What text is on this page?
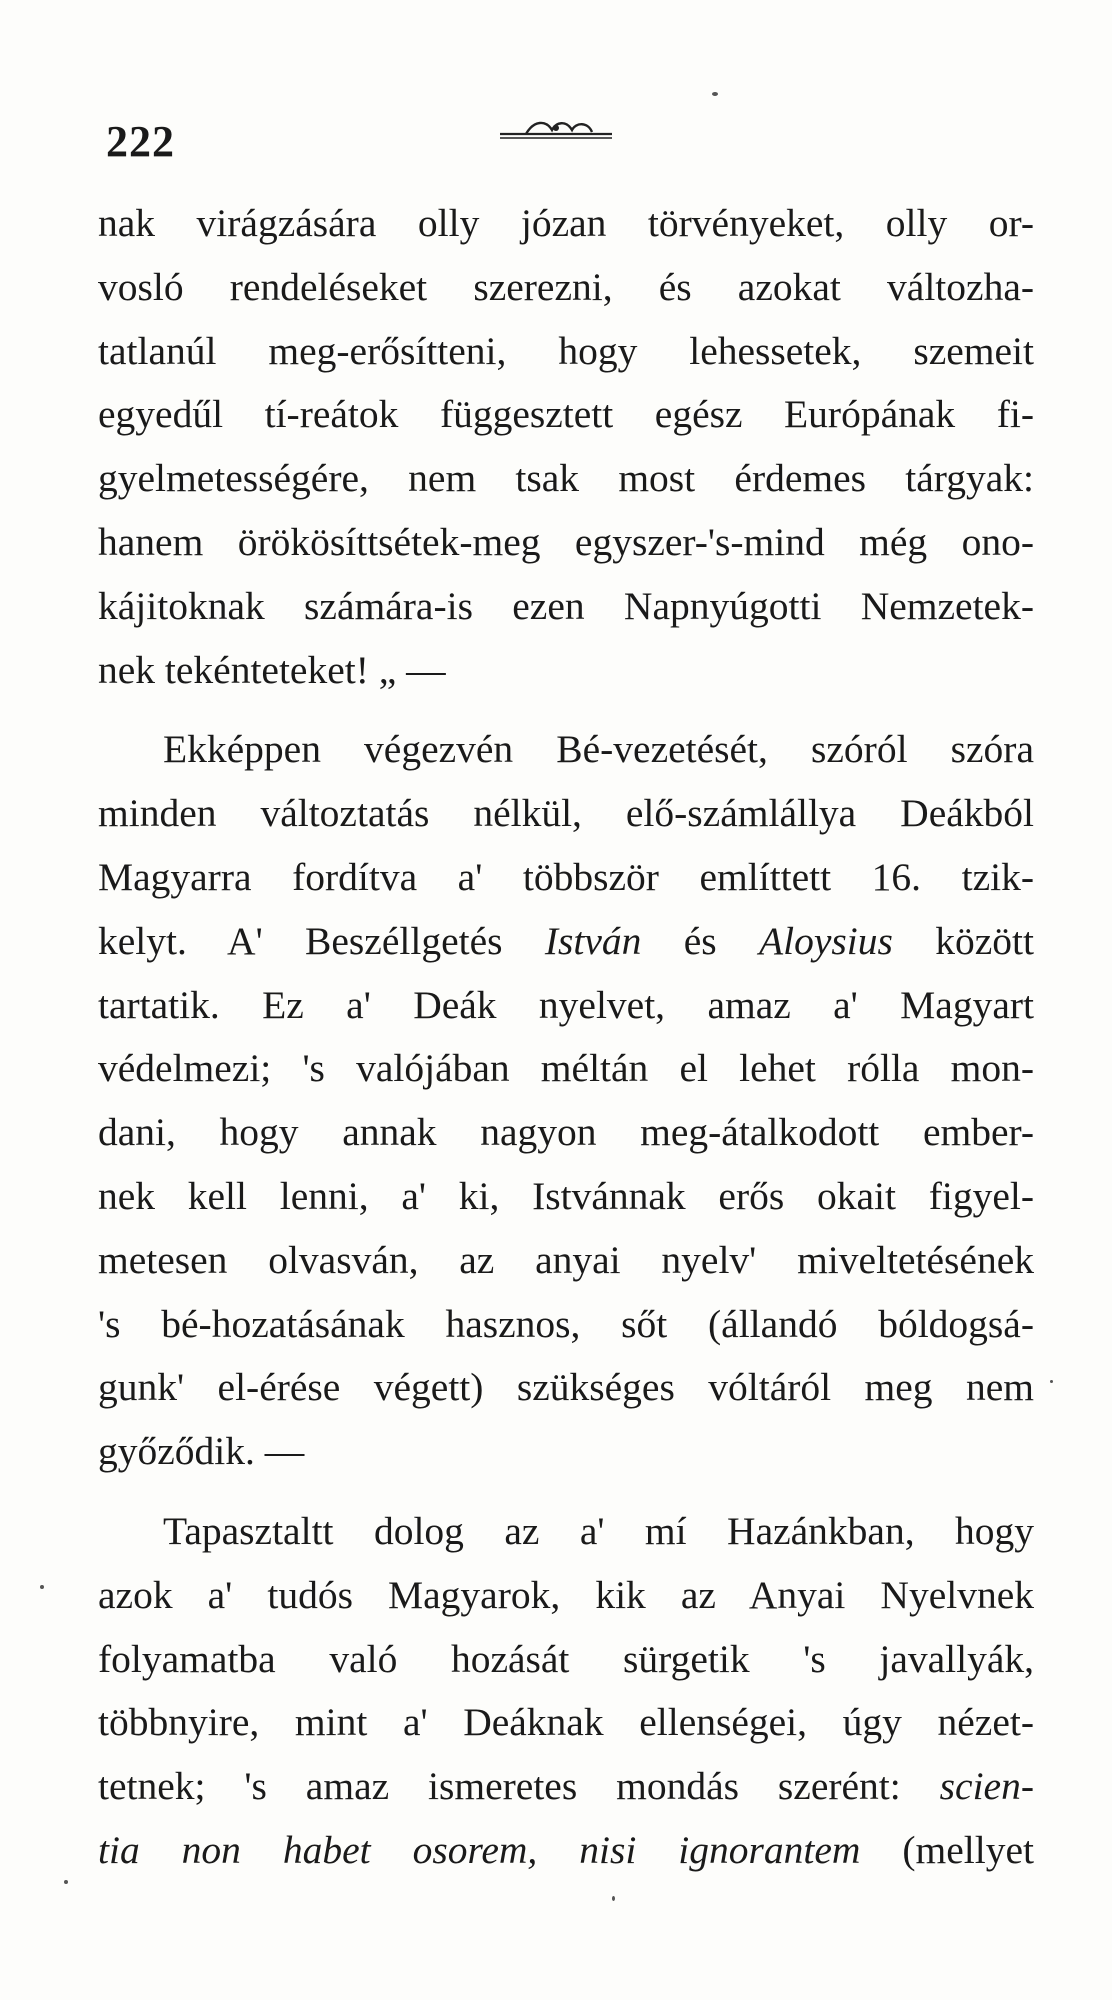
222
nak virágzására olly józan törvényeket, olly or-
vosló rendeléseket szerezni, és azokat változha-
tatlanúl meg-erősítteni, hogy lehessetek, szemeit
egyedűl tí-reátok függesztett egész Európának fi-
gyelmetességére, nem tsak most érdemes tárgyak:
hanem örökösíttsétek-meg egyszer-'s-mind még ono-
kájitoknak számára-is ezen Napnyúgotti Nemzetek-
nek tekénteteket! „ —
Ekképpen végezvén Bé-vezetését, szóról szóra
minden változtatás nélkül, elő-számlállya Deákból
Magyarra fordítva a' többször említtett 16. tzik-
kelyt. A' Beszéllgetés István és Aloysius között
tartatik. Ez a' Deák nyelvet, amaz a' Magyart
védelmezi; 's valójában méltán el lehet rólla mon-
dani, hogy annak nagyon meg-átalkodott ember-
nek kell lenni, a' ki, Istvánnak erős okait figyel-
metesen olvasván, az anyai nyelv' miveltetésének
's bé-hozatásának hasznos, sőt (állandó bóldogsá-
gunk' el-érése végett) szükséges vóltáról meg nem
győződik. —
Tapasztaltt dolog az a' mí Hazánkban, hogy
azok a' tudós Magyarok, kik az Anyai Nyelvnek
folyamatba való hozását sürgetik 's javallyák,
többnyire, mint a' Deáknak ellenségei, úgy nézet-
tetnek; 's amaz ismeretes mondás szerént: scien-
tia non habet osorem, nisi ignorantem (mellyet
